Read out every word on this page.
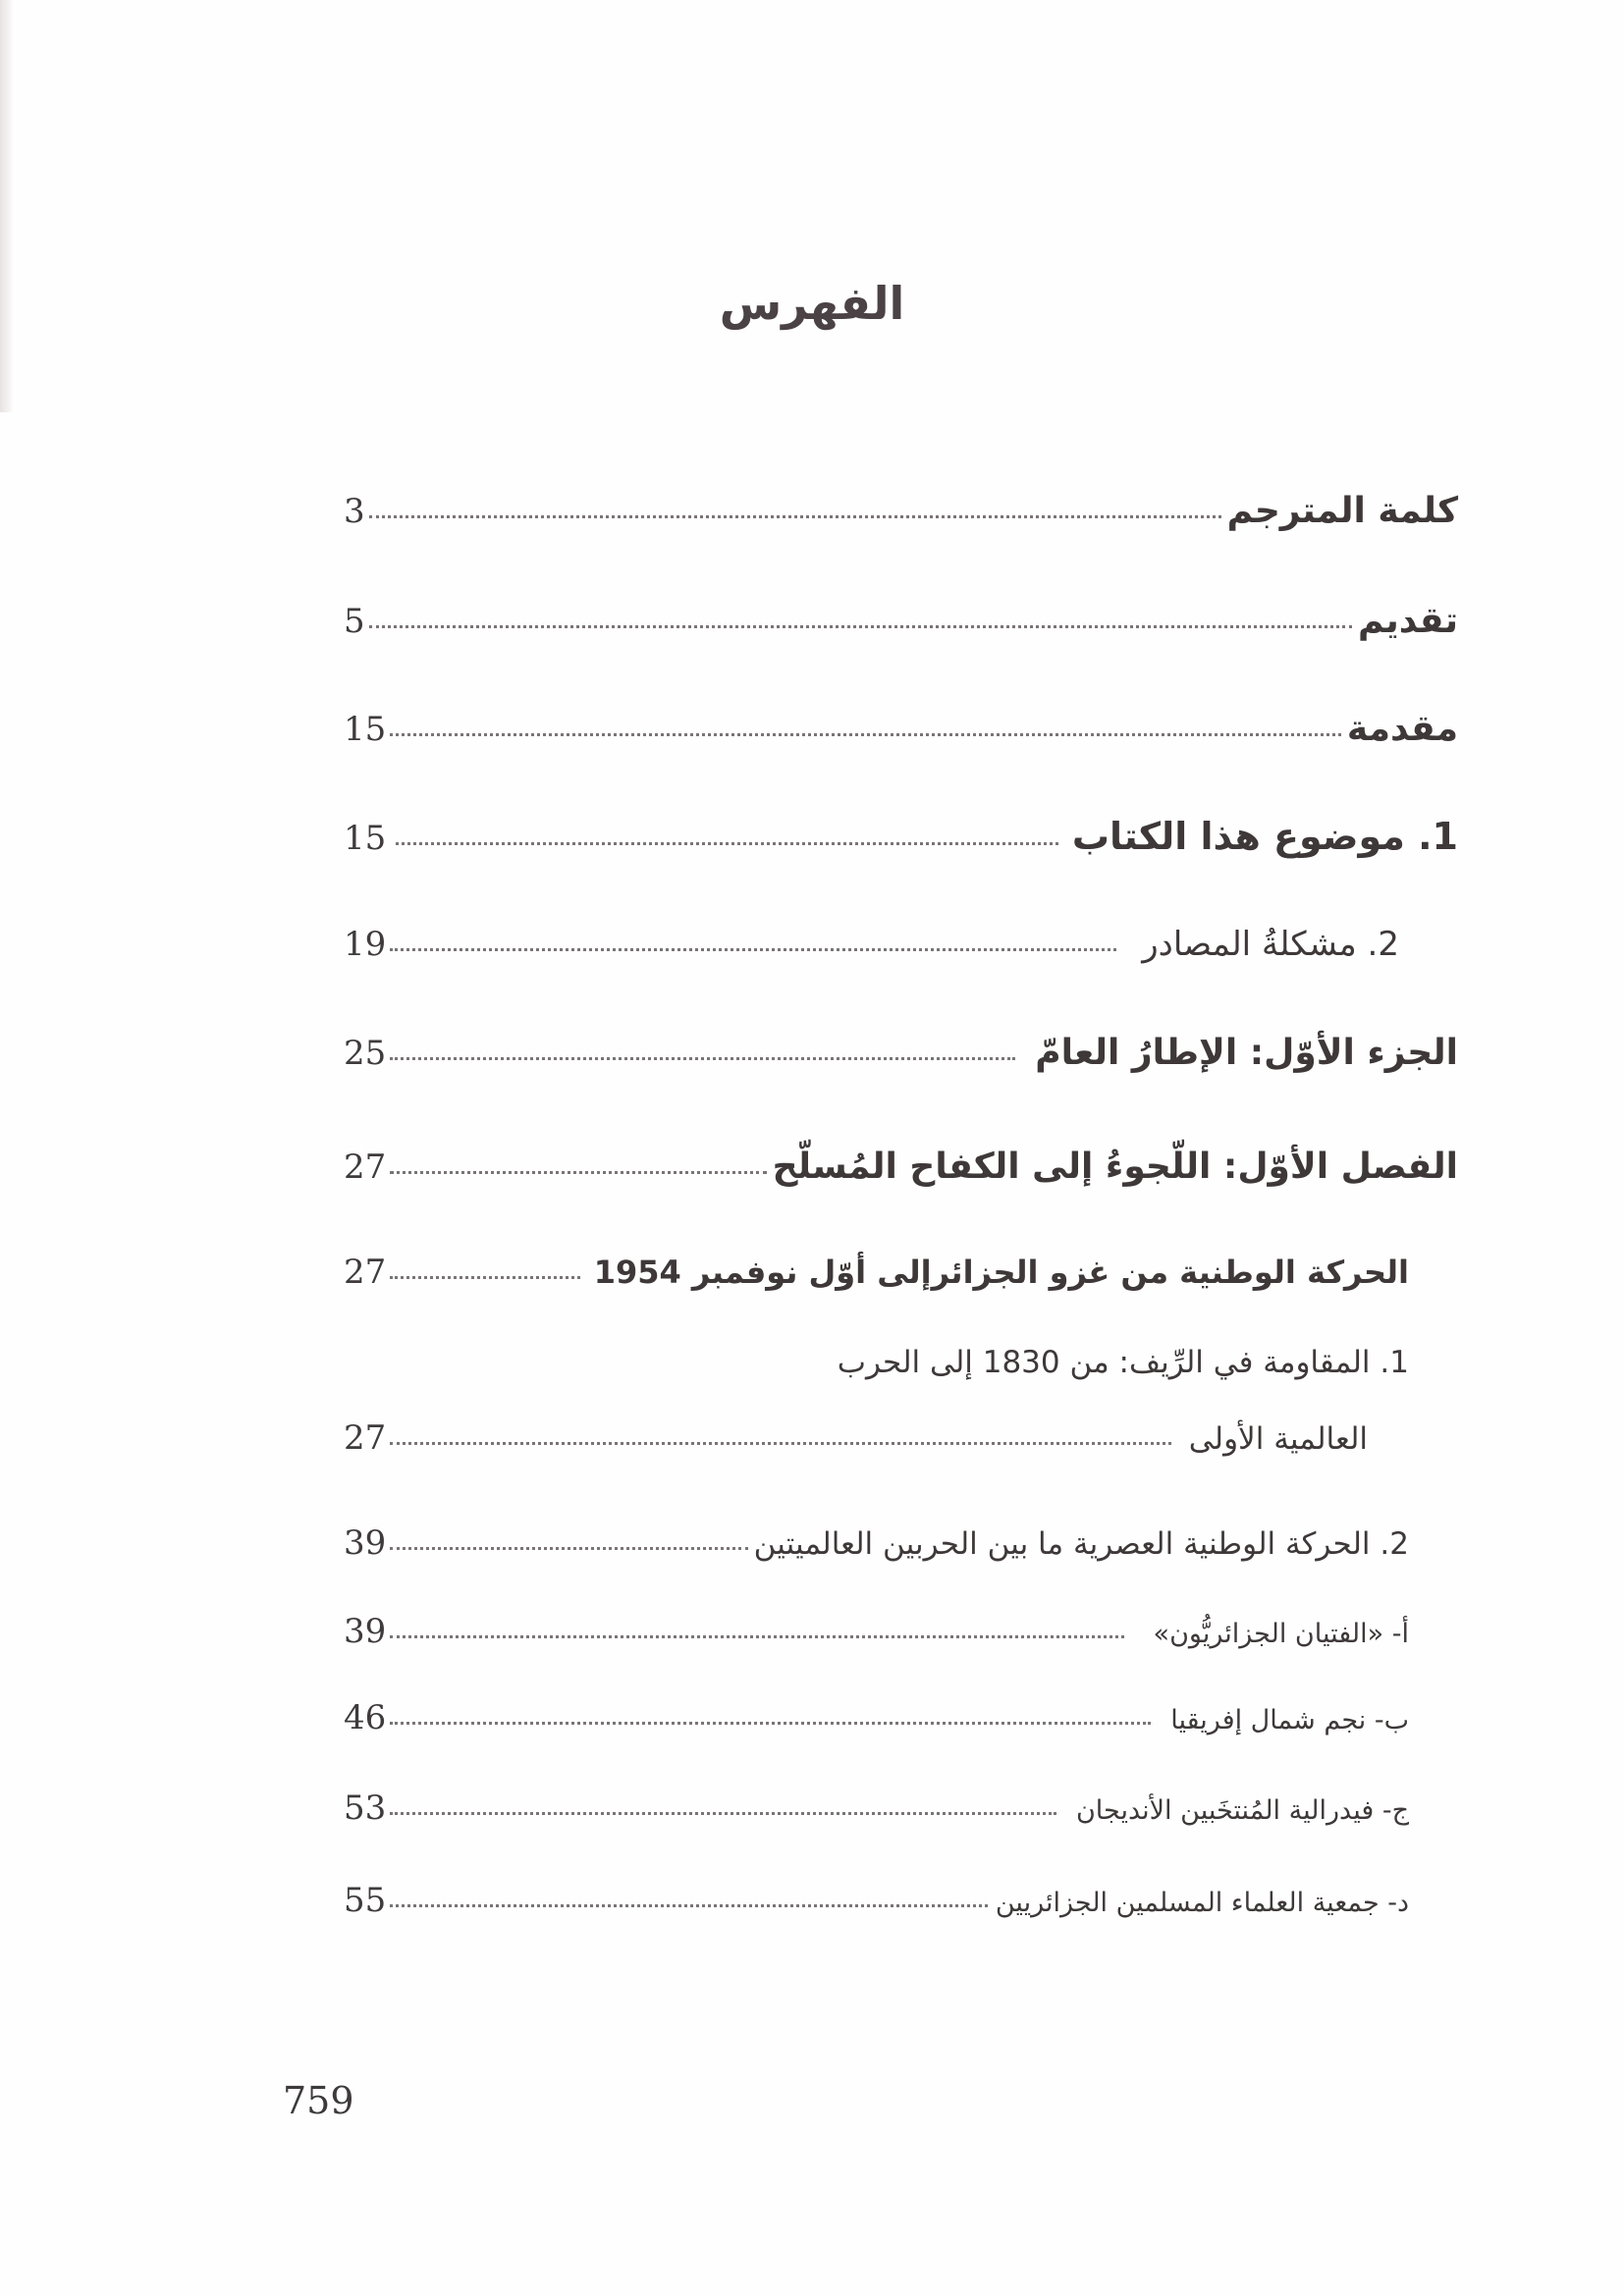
الفهرس
كلمة المترجم
3
تقديم
5
مقدمة
15
1. موضوع هذا الكتاب
15
2. مشكلةُ المصادر
19
الجزء الأوّل: الإطارُ العامّ
25
الفصل الأوّل: اللّجوءُ إلى الكفاح المُسلّح
27
الحركة الوطنية من غزو الجزائرإلى أوّل نوفمبر 1954
27
1. المقاومة في الرِّيف: من 1830 إلى الحرب
العالمية الأولى
27
2. الحركة الوطنية العصرية ما بين الحربين العالميتين
39
أ- «الفتيان الجزائريُّون»
39
ب- نجم شمال إفريقيا
46
ج- فيدرالية المُنتخَبين الأنديجان
53
د- جمعية العلماء المسلمين الجزائريين
55
759
